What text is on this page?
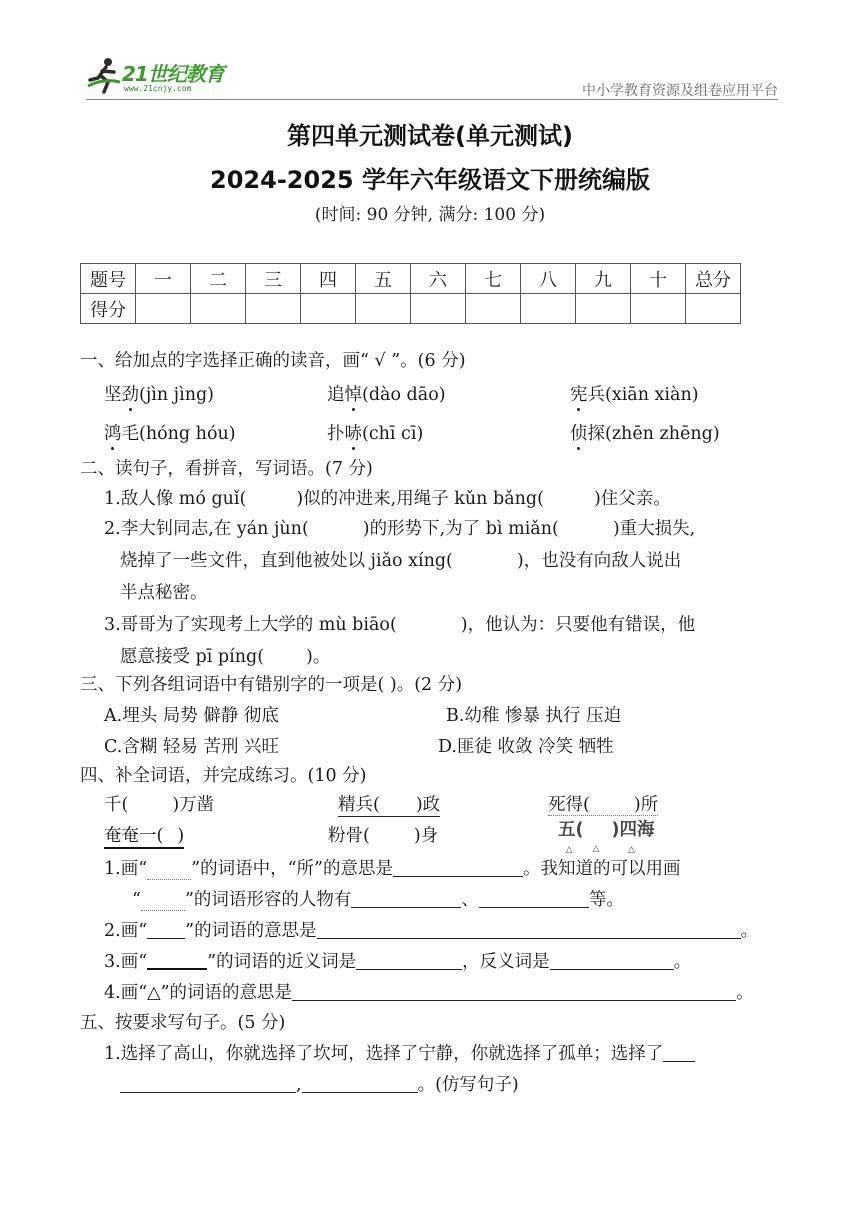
21世纪教育
www.21cnjy.com	中小学教育资源及组卷应用平台
第四单元测试卷(单元测试)
2024-2025 学年六年级语文下册统编版
(时间: 90 分钟, 满分: 100 分)
题号	一	二	三	四	五	六	七	八	九	十	总分
得分											
一、给加点的字选择正确的读音，画“ √ ”。(6 分)
坚劲(jìn jìng)	追悼(dào dāo)	宪兵(xiān xiàn)
鸿毛(hóng hóu)	扑哧(chī cī)	侦探(zhēn zhēng)
二、读句子，看拼音，写词语。(7 分)
1.敌人像 mó guǐ(	)似的冲进来,用绳子 kǔn bǎng(	)住父亲。
2.李大钊同志,在 yán jùn(	)的形势下,为了 bì miǎn(	)重大损失,
烧掉了一些文件，直到他被处以 jiǎo xíng(	)，也没有向敌人说出
半点秘密。
3.哥哥为了实现考上大学的 mù biāo(	)，他认为：只要他有错误，他
愿意接受 pī píng( )。
三、下列各组词语中有错别字的一项是( )。(2 分)
A.埋头 局势 僻静 彻底	B.幼稚 惨暴 执行 压迫
C.含糊 轻易 苦刑 兴旺	D.匪徒 收敛 冷笑 牺牲
四、补全词语，并完成练习。(10 分)
千(	)万凿	精兵( )政	死得(	)所
奄奄一( )	粉骨(	)身	五( △ △ )四海 △
1.画“	”的词语中，“所”的意思是	。我知道的可以用画
“	”的词语形容的人物有	、	等。
2.画“ ”的词语的意思是	。
3.画“	”的词语的近义词是	，反义词是	。
4.画“△”的词语的意思是	。
五、按要求写句子。(5 分)
1.选择了高山，你就选择了坎坷，选择了宁静，你就选择了孤单；选择了
,	。(仿写句子)
